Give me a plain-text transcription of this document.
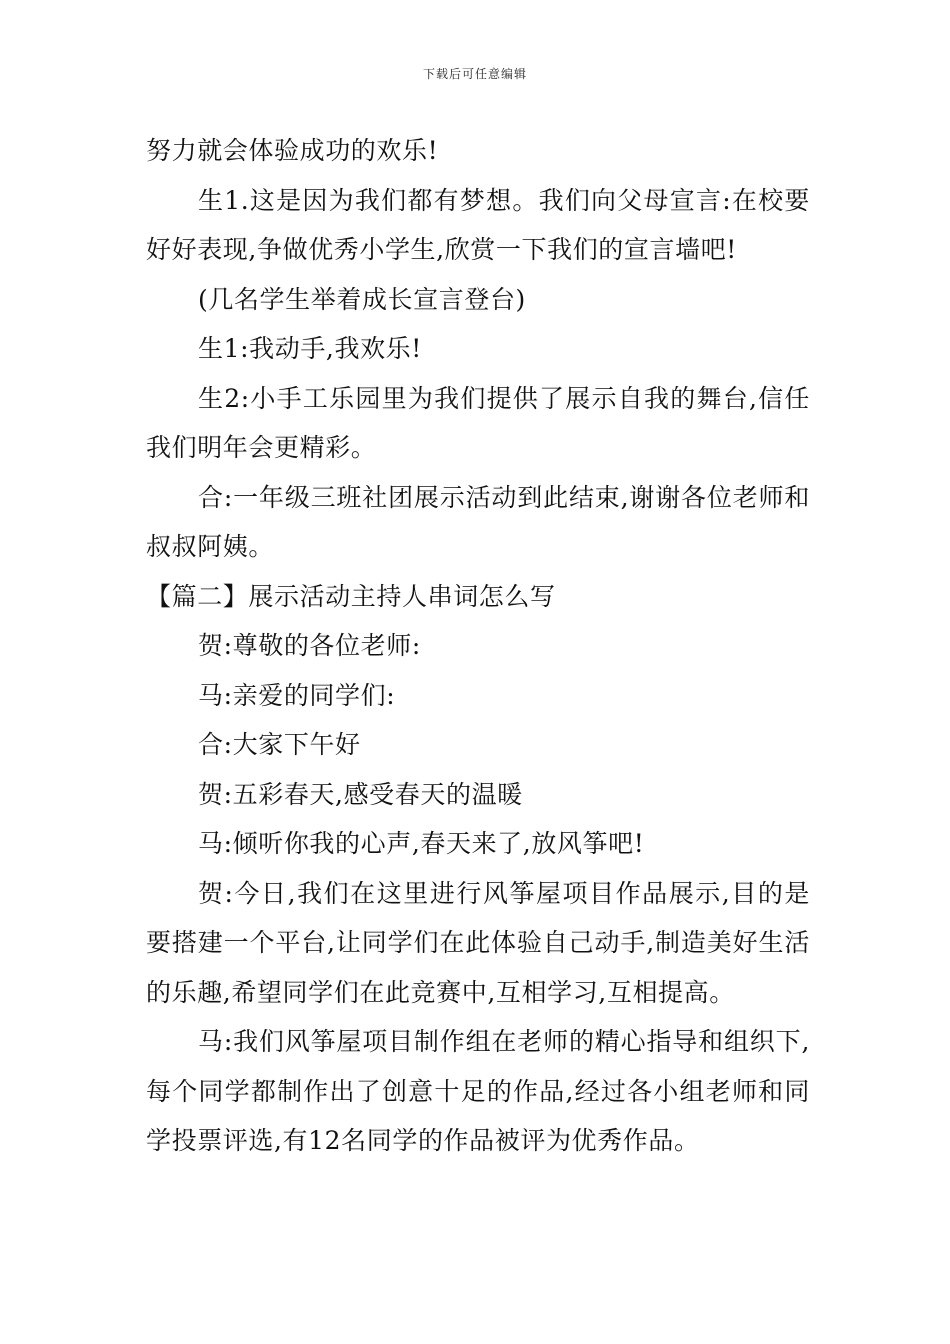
下载后可任意编辑

努力就会体验成功的欢乐!

生1.这是因为我们都有梦想。我们向父母宣言:在校要好好表现,争做优秀小学生,欣赏一下我们的宣言墙吧!

(几名学生举着成长宣言登台)

生1:我动手,我欢乐!

生2:小手工乐园里为我们提供了展示自我的舞台,信任我们明年会更精彩。

合:一年级三班社团展示活动到此结束,谢谢各位老师和叔叔阿姨。

【篇二】展示活动主持人串词怎么写

贺:尊敬的各位老师:

马:亲爱的同学们:

合:大家下午好

贺:五彩春天,感受春天的温暖

马:倾听你我的心声,春天来了,放风筝吧!

贺:今日,我们在这里进行风筝屋项目作品展示,目的是要搭建一个平台,让同学们在此体验自己动手,制造美好生活的乐趣,希望同学们在此竞赛中,互相学习,互相提高。

马:我们风筝屋项目制作组在老师的精心指导和组织下,每个同学都制作出了创意十足的作品,经过各小组老师和同学投票评选,有12名同学的作品被评为优秀作品。
